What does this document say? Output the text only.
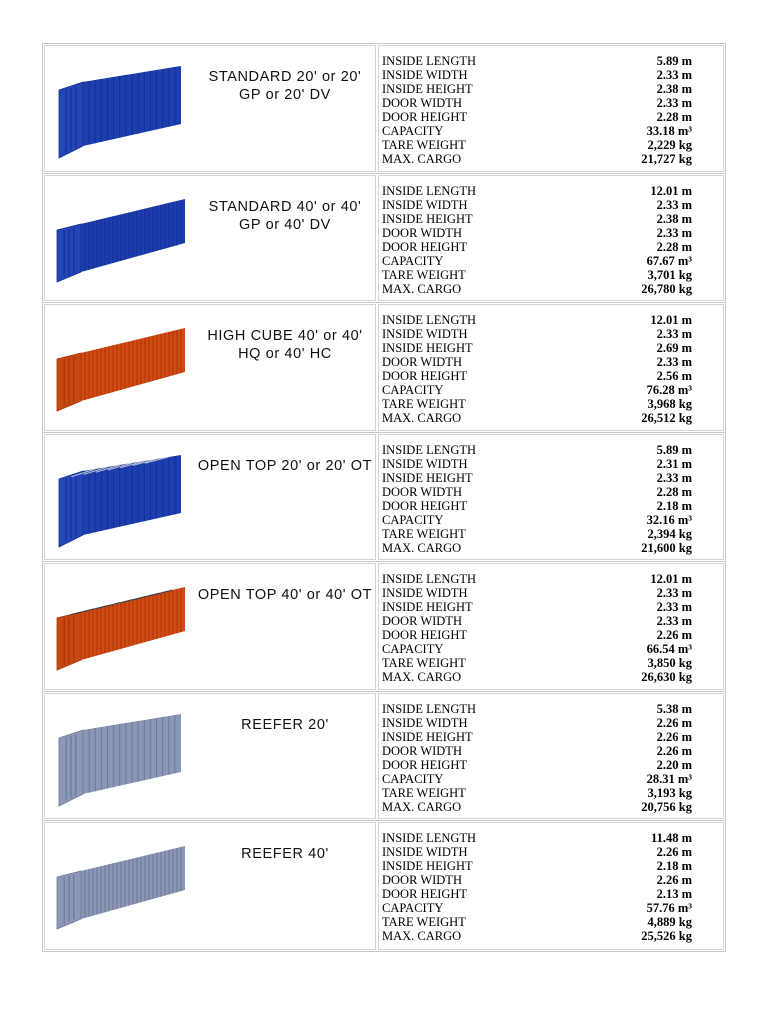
STANDARD 20' or 20' GP or 20' DV
INSIDE LENGTH	5.89 m
INSIDE WIDTH	2.33 m
INSIDE HEIGHT	2.38 m
DOOR WIDTH	2.33 m
DOOR HEIGHT	2.28 m
CAPACITY	33.18 m³
TARE WEIGHT	2,229 kg
MAX. CARGO	21,727 kg
STANDARD 40' or 40' GP or 40' DV
INSIDE LENGTH	12.01 m
INSIDE WIDTH	2.33 m
INSIDE HEIGHT	2.38 m
DOOR WIDTH	2.33 m
DOOR HEIGHT	2.28 m
CAPACITY	67.67 m³
TARE WEIGHT	3,701 kg
MAX. CARGO	26,780 kg
HIGH CUBE 40' or 40' HQ or 40' HC
INSIDE LENGTH	12.01 m
INSIDE WIDTH	2.33 m
INSIDE HEIGHT	2.69 m
DOOR WIDTH	2.33 m
DOOR HEIGHT	2.56 m
CAPACITY	76.28 m³
TARE WEIGHT	3,968 kg
MAX. CARGO	26,512 kg
OPEN TOP 20' or 20' OT
INSIDE LENGTH	5.89 m
INSIDE WIDTH	2.31 m
INSIDE HEIGHT	2.33 m
DOOR WIDTH	2.28 m
DOOR HEIGHT	2.18 m
CAPACITY	32.16 m³
TARE WEIGHT	2,394 kg
MAX. CARGO	21,600 kg
OPEN TOP 40' or 40' OT
INSIDE LENGTH	12.01 m
INSIDE WIDTH	2.33 m
INSIDE HEIGHT	2.33 m
DOOR WIDTH	2.33 m
DOOR HEIGHT	2.26 m
CAPACITY	66.54 m³
TARE WEIGHT	3,850 kg
MAX. CARGO	26,630 kg
REEFER 20'
INSIDE LENGTH	5.38 m
INSIDE WIDTH	2.26 m
INSIDE HEIGHT	2.26 m
DOOR WIDTH	2.26 m
DOOR HEIGHT	2.20 m
CAPACITY	28.31 m³
TARE WEIGHT	3,193 kg
MAX. CARGO	20,756 kg
REEFER 40'
INSIDE LENGTH	11.48 m
INSIDE WIDTH	2.26 m
INSIDE HEIGHT	2.18 m
DOOR WIDTH	2.26 m
DOOR HEIGHT	2.13 m
CAPACITY	57.76 m³
TARE WEIGHT	4,889 kg
MAX. CARGO	25,526 kg
